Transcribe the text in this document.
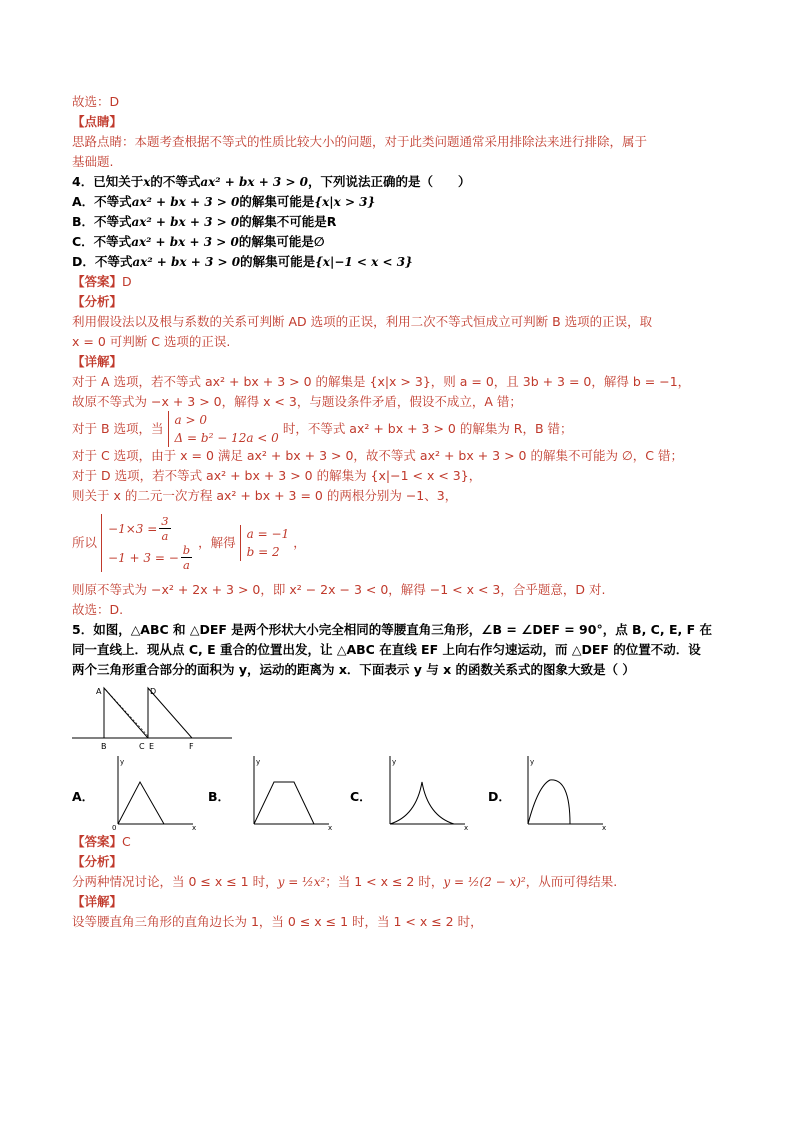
故选：D
【点睛】
思路点睛：本题考查根据不等式的性质比较大小的问题，对于此类问题通常采用排除法来进行排除，属于
基础题.
4．已知关于x的不等式ax² + bx + 3 > 0，下列说法正确的是（　　）
A．不等式ax² + bx + 3 > 0的解集可能是{x|x > 3}
B．不等式ax² + bx + 3 > 0的解集不可能是R
C．不等式ax² + bx + 3 > 0的解集可能是∅
D．不等式ax² + bx + 3 > 0的解集可能是{x|−1 < x < 3}
【答案】D
【分析】
利用假设法以及根与系数的关系可判断 AD 选项的正误，利用二次不等式恒成立可判断 B 选项的正误，取
x = 0 可判断 C 选项的正误.
【详解】
对于 A 选项，若不等式 ax² + bx + 3 > 0 的解集是 {x|x > 3}，则 a = 0，且 3b + 3 = 0，解得 b = −1，
故原不等式为 −x + 3 > 0，解得 x < 3，与题设条件矛盾，假设不成立，A 错；
对于 B 选项，当
a > 0
Δ = b² − 12a < 0
时，不等式 ax² + bx + 3 > 0 的解集为 R，B 错；
对于 C 选项，由于 x = 0 满足 ax² + bx + 3 > 0，故不等式 ax² + bx + 3 > 0 的解集不可能为 ∅，C 错；
对于 D 选项，若不等式 ax² + bx + 3 > 0 的解集为 {x|−1 < x < 3}，
则关于 x 的二元一次方程 ax² + bx + 3 = 0 的两根分别为 −1、3，
所以
$-1\times 3 = \frac{3}{a}$
−1 + 3 = − $\frac{b}{a}$
，解得
a = −1
b = 2
，
则原不等式为 −x² + 2x + 3 > 0，即 x² − 2x − 3 < 0，解得 −1 < x < 3，合乎题意，D 对.
故选：D.
5．如图，△ABC 和 △DEF 是两个形状大小完全相同的等腰直角三角形，∠B = ∠DEF = 90°，点 B, C, E, F 在
同一直线上．现从点 C, E 重合的位置出发，让 △ABC 在直线 EF 上向右作匀速运动，而 △DEF 的位置不动．设
两个三角形重合部分的面积为 y，运动的距离为 x．下面表示 y 与 x 的函数关系式的图象大致是（ ）
A	D
B	C E	F
A．
y
0	x
B．
y
x
C．
y
x
D．
y
x
【答案】C
【分析】
分两种情况讨论，当 0 ≤ x ≤ 1 时，y = ½x²；当 1 < x ≤ 2 时，y = ½(2 − x)²，从而可得结果.
【详解】
设等腰直角三角形的直角边长为 1，当 0 ≤ x ≤ 1 时，当 1 < x ≤ 2 时，
